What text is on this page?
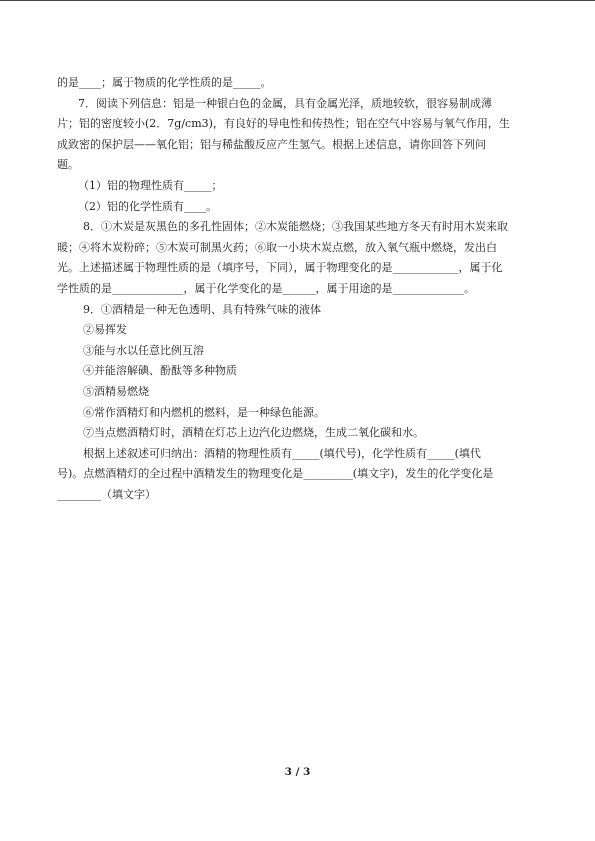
的是____；属于物质的化学性质的是_____。
7．阅读下列信息：铝是一种银白色的金属，具有金属光泽，质地较软，很容易制成薄
片；铝的密度较小(2．7g/cm3)，有良好的导电性和传热性；铝在空气中容易与氧气作用，生
成致密的保护层——氧化铝；铝与稀盐酸反应产生氢气。根据上述信息，请你回答下列问
题。
（1）铝的物理性质有_____；
（2）铝的化学性质有____。
8．①木炭是灰黑色的多孔性固体；②木炭能燃烧；③我国某些地方冬天有时用木炭来取
暖；④将木炭粉碎；⑤木炭可制黑火药；⑥取一小块木炭点燃，放入氧气瓶中燃烧，发出白
光。上述描述属于物理性质的是（填序号，下同），属于物理变化的是____________，属于化
学性质的是_____________，属于化学变化的是______，属于用途的是_____________。
9．①酒精是一种无色透明、具有特殊气味的液体
②易挥发
③能与水以任意比例互溶
④并能溶解碘、酚酞等多种物质
⑤酒精易燃烧
⑥常作酒精灯和内燃机的燃料，是一种绿色能源。
⑦当点燃酒精灯时，酒精在灯芯上边汽化边燃烧，生成二氧化碳和水。
根据上述叙述可归纳出：酒精的物理性质有_____(填代号)，化学性质有_____(填代
号)。点燃酒精灯的全过程中酒精发生的物理变化是_________(填文字)，发生的化学变化是
________（填文字）
3 / 3
